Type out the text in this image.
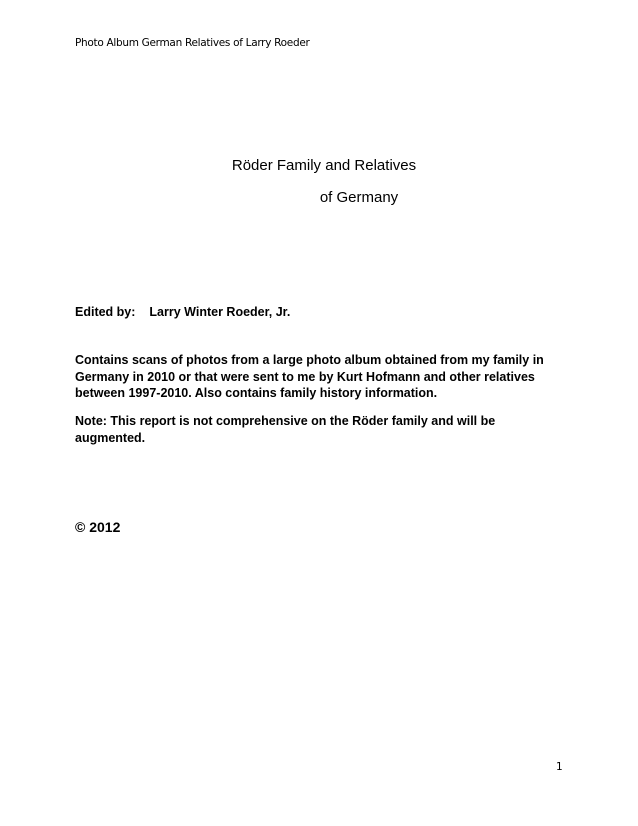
Photo Album German Relatives of Larry Roeder
Röder Family and Relatives
of Germany
Edited by: Larry Winter Roeder, Jr.
Contains scans of photos from a large photo album obtained from my family in Germany in 2010 or that were sent to me by Kurt Hofmann and other relatives between 1997-2010. Also contains family history information.
Note: This report is not comprehensive on the Röder family and will be augmented.
© 2012
1
